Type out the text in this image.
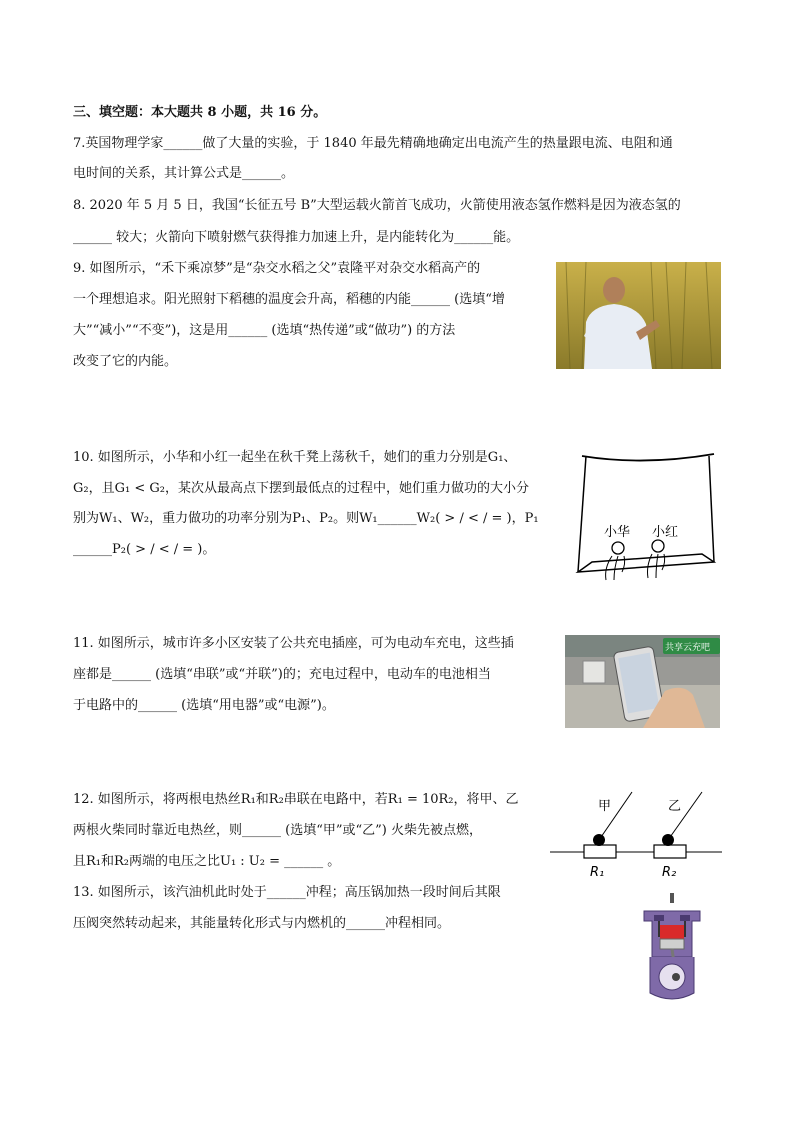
三、填空题：本大题共 8 小题，共 16 分。
7.英国物理学家______做了大量的实验，于 1840 年最先精确地确定出电流产生的热量跟电流、电阻和通
电时间的关系，其计算公式是______。
8. 2020 年 5 月 5 日，我国“长征五号 B”大型运载火箭首飞成功，火箭使用液态氢作燃料是因为液态氢的
______ 较大；火箭向下喷射燃气获得推力加速上升，是内能转化为______能。
9. 如图所示，“禾下乘凉梦”是“杂交水稻之父”袁隆平对杂交水稻高产的
一个理想追求。阳光照射下稻穗的温度会升高，稻穗的内能______ (选填“增
大”“减小”“不变”)，这是用______ (选填“热传递”或“做功”) 的方法
改变了它的内能。
10. 如图所示，小华和小红一起坐在秋千凳上荡秋千，她们的重力分别是G₁、
G₂，且G₁ < G₂，某次从最高点下摆到最低点的过程中，她们重力做功的大小分
别为W₁、W₂，重力做功的功率分别为P₁、P₂。则W₁______W₂( > / < / = )，P₁
______P₂( > / < / = )。
小华 小红
11. 如图所示，城市许多小区安装了公共充电插座，可为电动车充电，这些插
座都是______ (选填“串联”或“并联”)的；充电过程中，电动车的电池相当
于电路中的______ (选填“用电器”或“电源”)。
共享云充吧
12. 如图所示，将两根电热丝R₁和R₂串联在电路中，若R₁ = 10R₂，将甲、乙
两根火柴同时靠近电热丝，则______ (选填“甲”或“乙”) 火柴先被点燃，
且R₁和R₂两端的电压之比U₁ : U₂ = ______ 。
13. 如图所示，该汽油机此时处于______冲程；高压锅加热一段时间后其限
压阀突然转动起来，其能量转化形式与内燃机的______冲程相同。
甲	乙
R₁	R₂
